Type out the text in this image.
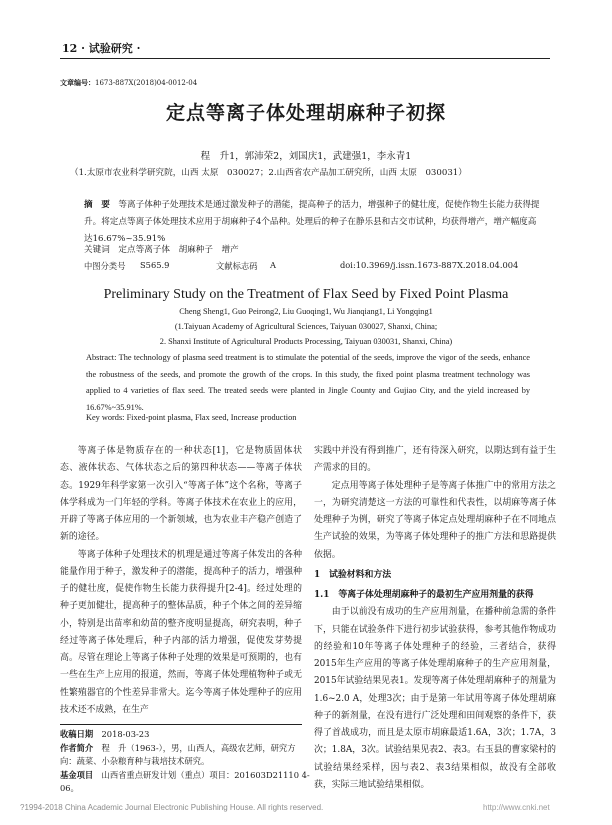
12 · 试验研究 ·
文章编号：1673-887X(2018)04-0012-04
定点等离子体处理胡麻种子初探
程　升1，郭沛荣2，刘国庆1，武建强1，李永青1
（1.太原市农业科学研究院，山西 太原　030027；2.山西省农产品加工研究所，山西 太原　030031）
摘　要　 等离子体种子处理技术是通过激发种子的潜能，提高种子的活力，增强种子的健壮度，促使作物生长能力获得提升。将定点等离子体处理技术应用于胡麻种子4个品种。处理后的种子在静乐县和古交市试种，均获得增产，增产幅度高达16.67%~35.91%
关键词　 定点等离子体　胡麻种子　增产
中图分类号 S565.9	文献标志码 A	doi:10.3969/j.issn.1673-887X.2018.04.004
Preliminary Study on the Treatment of Flax Seed by Fixed Point Plasma
Cheng Sheng1, Guo Peirong2, Liu Guoqing1, Wu Jianqiang1, Li Yongqing1
(1.Taiyuan Academy of Agricultural Sciences, Taiyuan 030027, Shanxi, China;
2. Shanxi Institute of Agricultural Products Processing, Taiyuan 030031, Shanxi, China)
Abstract: The technology of plasma seed treatment is to stimulate the potential of the seeds, improve the vigor of the seeds, enhance the robustness of the seeds, and promote the growth of the crops. In this study, the fixed point plasma treatment technology was applied to 4 varieties of flax seed. The treated seeds were planted in Jingle County and Gujiao City, and the yield increased by 16.67%~35.91%.
Key words: Fixed-point plasma, Flax seed, Increase production

等离子体是物质存在的一种状态[1]，它是物质固体状态、液体状态、气体状态之后的第四种状态——等离子体状态。1929年科学家第一次引入“等离子体”这个名称，等离子体学科成为一门年轻的学科。等离子体技术在农业上的应用，开辟了等离子体应用的一个新领域，也为农业丰产稳产创造了新的途径。

等离子体种子处理技术的机理是通过等离子体发出的各种能量作用于种子，激发种子的潜能，提高种子的活力，增强种子的健壮度，促使作物生长能力获得提升[2-4]。经过处理的种子更加健壮，提高种子的整体品质，种子个体之间的差异缩小，特别是出苗率和幼苗的整齐度明显提高，研究表明，种子经过等离子体处理后，种子内部的活力增强，促使发芽势提高。尽管在理论上等离子体种子处理的效果是可预期的，也有一些在生产上应用的报道，然而，等离子体处理植物种子或无性繁殖器官的个性差异非常大。迄今等离子体处理种子的应用技术还不成熟，在生产

实践中并没有得到推广，还有待深入研究，以期达到有益于生产需求的目的。

定点用等离子体处理种子是等离子体推广中的常用方法之一，为研究清楚这一方法的可靠性和代表性，以胡麻等离子体处理种子为例，研究了等离子体定点处理胡麻种子在不同地点生产试验的效果，为等离子体处理种子的推广方法和思路提供依据。

1　试验材料和方法

1.1　等离子体处理胡麻种子的最初生产应用剂量的获得

由于以前没有成功的生产应用剂量，在播种前急需的条件下，只能在试验条件下进行初步试验获得，参考其他作物成功的经验和10年等离子体处理种子的经验，三者结合，获得2015年生产应用的等离子体处理胡麻种子的生产应用剂量，2015年试验结果见表1。发现等离子体处理胡麻种子的剂量为1.6~2.0 A，处理3次；由于是第一年试用等离子体处理胡麻种子的新剂量，在没有进行广泛处理和田间观察的条件下，获得了首战成功，而且是太原市胡麻最适1.6A，3次；1.7A，3次；1.8A，3次。试验结果见表2、表3。右玉县的曹家梁村的试验结果经采样，因与表2、表3结果相似，故没有全部收获，实际三地试验结果相似。

收稿日期　 2018-03-23
作者简介　 程　升（1963-），男，山西人，高级农艺师，研究方向：蔬菜、小杂粮育种与栽培技术研究。
基金项目　 山西省重点研发计划（重点）项目：201603D21110 4-06。
?1994-2018 China Academic Journal Electronic Publishing House. All rights reserved.	http://www.cnki.net
